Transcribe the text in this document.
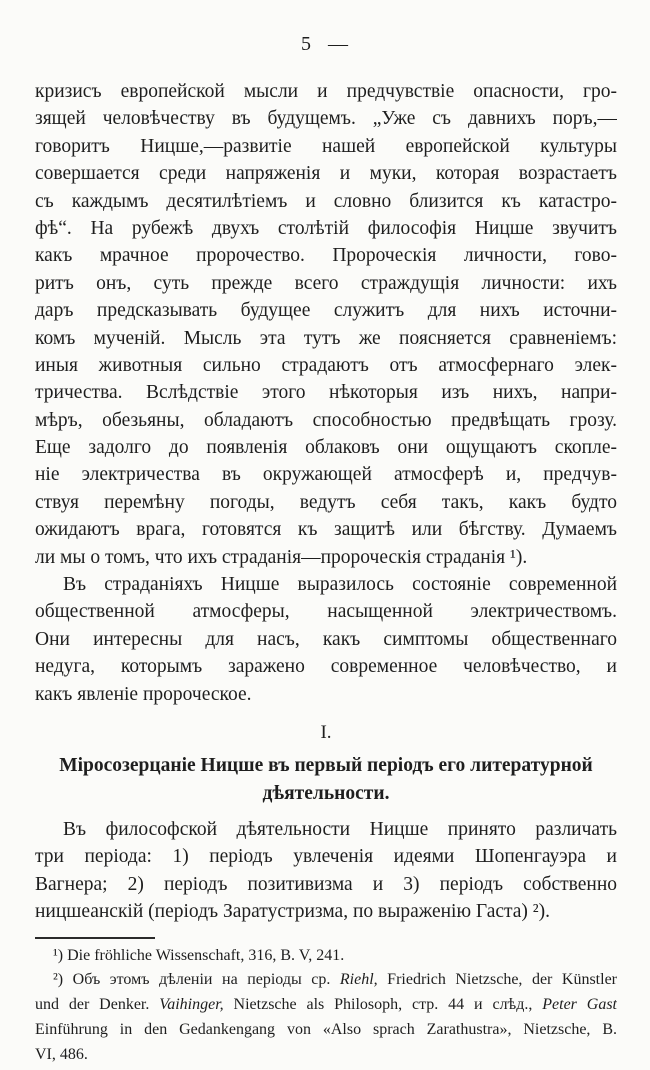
5 —
кризисъ европейской мысли и предчувствіе опасности, гро-
зящей человѣчеству въ будущемъ. „Уже съ давнихъ поръ,—
говоритъ Ницше,—развитіе нашей европейской культуры
совершается среди напряженія и муки, которая возрастаетъ
съ каждымъ десятилѣтіемъ и словно близится къ катастро-
фѣ“. На рубежѣ двухъ столѣтій философія Ницше звучитъ
какъ мрачное пророчество. Пророческія личности, гово-
ритъ онъ, суть прежде всего страждущія личности: ихъ
даръ предсказывать будущее служитъ для нихъ источни-
комъ мученій. Мысль эта тутъ же поясняется сравненіемъ:
иныя животныя сильно страдаютъ отъ атмосфернаго элек-
тричества. Вслѣдствіе этого нѣкоторыя изъ нихъ, напри-
мѣръ, обезьяны, обладаютъ способностью предвѣщать грозу.
Еще задолго до появленія облаковъ они ощущаютъ скопле-
ніе электричества въ окружающей атмосферѣ и, предчув-
ствуя перемѣну погоды, ведутъ себя такъ, какъ будто
ожидаютъ врага, готовятся къ защитѣ или бѣгству. Думаемъ
ли мы о томъ, что ихъ страданія—пророческія страданія ¹).
Въ страданіяхъ Ницше выразилось состояніе современной
общественной атмосферы, насыщенной электричествомъ.
Они интересны для насъ, какъ симптомы общественнаго
недуга, которымъ заражено современное человѣчество, и
какъ явленіе пророческое.
I.
Міросозерцаніе Ницше въ первый періодъ его литературной
дѣятельности.
Въ философской дѣятельности Ницше принято различать
три періода: 1) періодъ увлеченія идеями Шопенгауэра и
Вагнера; 2) періодъ позитивизма и 3) періодъ собственно
ницшеанскій (періодъ Заратустризма, по выраженію Гаста) ²).
¹) Die fröhliche Wissenschaft, 316, B. V, 241.
²) Объ этомъ дѣленіи на періоды ср. Riehl, Friedrich Nietzsche, der Künstler
und der Denker. Vaihinger, Nietzsche als Philosoph, стр. 44 и слѣд., Peter Gast
Einführung in den Gedankengang von «Also sprach Zarathustra», Nietzsche, B.
VI, 486.
